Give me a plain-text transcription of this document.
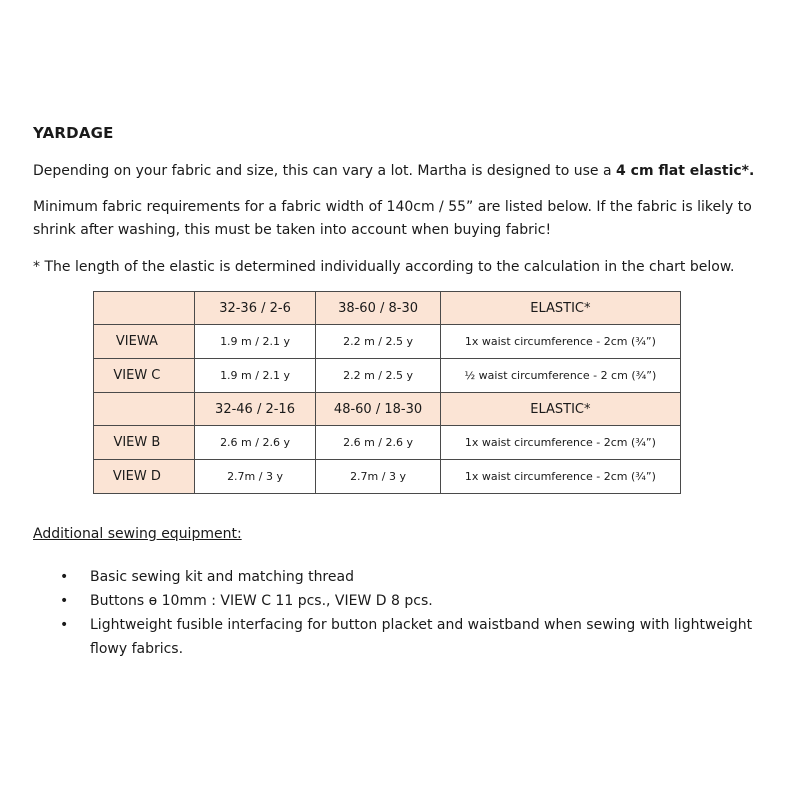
YARDAGE
Depending on your fabric and size, this can vary a lot. Martha is designed to use a 4 cm flat elastic*.
Minimum fabric requirements for a fabric width of 140cm / 55” are listed below. If the fabric is likely to shrink after washing, this must be taken into account when buying fabric!
* The length of the elastic is determined individually according to the calculation in the chart below.
	32-36 / 2-6	38-60 / 8-30	ELASTIC*
VIEWA	1.9 m / 2.1 y	2.2 m / 2.5 y	1x waist circumference - 2cm (¾”)
VIEW C	1.9 m / 2.1 y	2.2 m / 2.5 y	½ waist circumference - 2 cm (¾”)
	32-46 / 2-16	48-60 / 18-30	ELASTIC*
VIEW B	2.6 m / 2.6 y	2.6 m / 2.6 y	1x waist circumference - 2cm (¾”)
VIEW D	2.7m / 3 y	2.7m / 3 y	1x waist circumference - 2cm (¾”)
Additional sewing equipment:
• Basic sewing kit and matching thread
• Buttons ɵ 10mm : VIEW C 11 pcs., VIEW D 8 pcs.
• Lightweight fusible interfacing for button placket and waistband when sewing with lightweight flowy fabrics.
